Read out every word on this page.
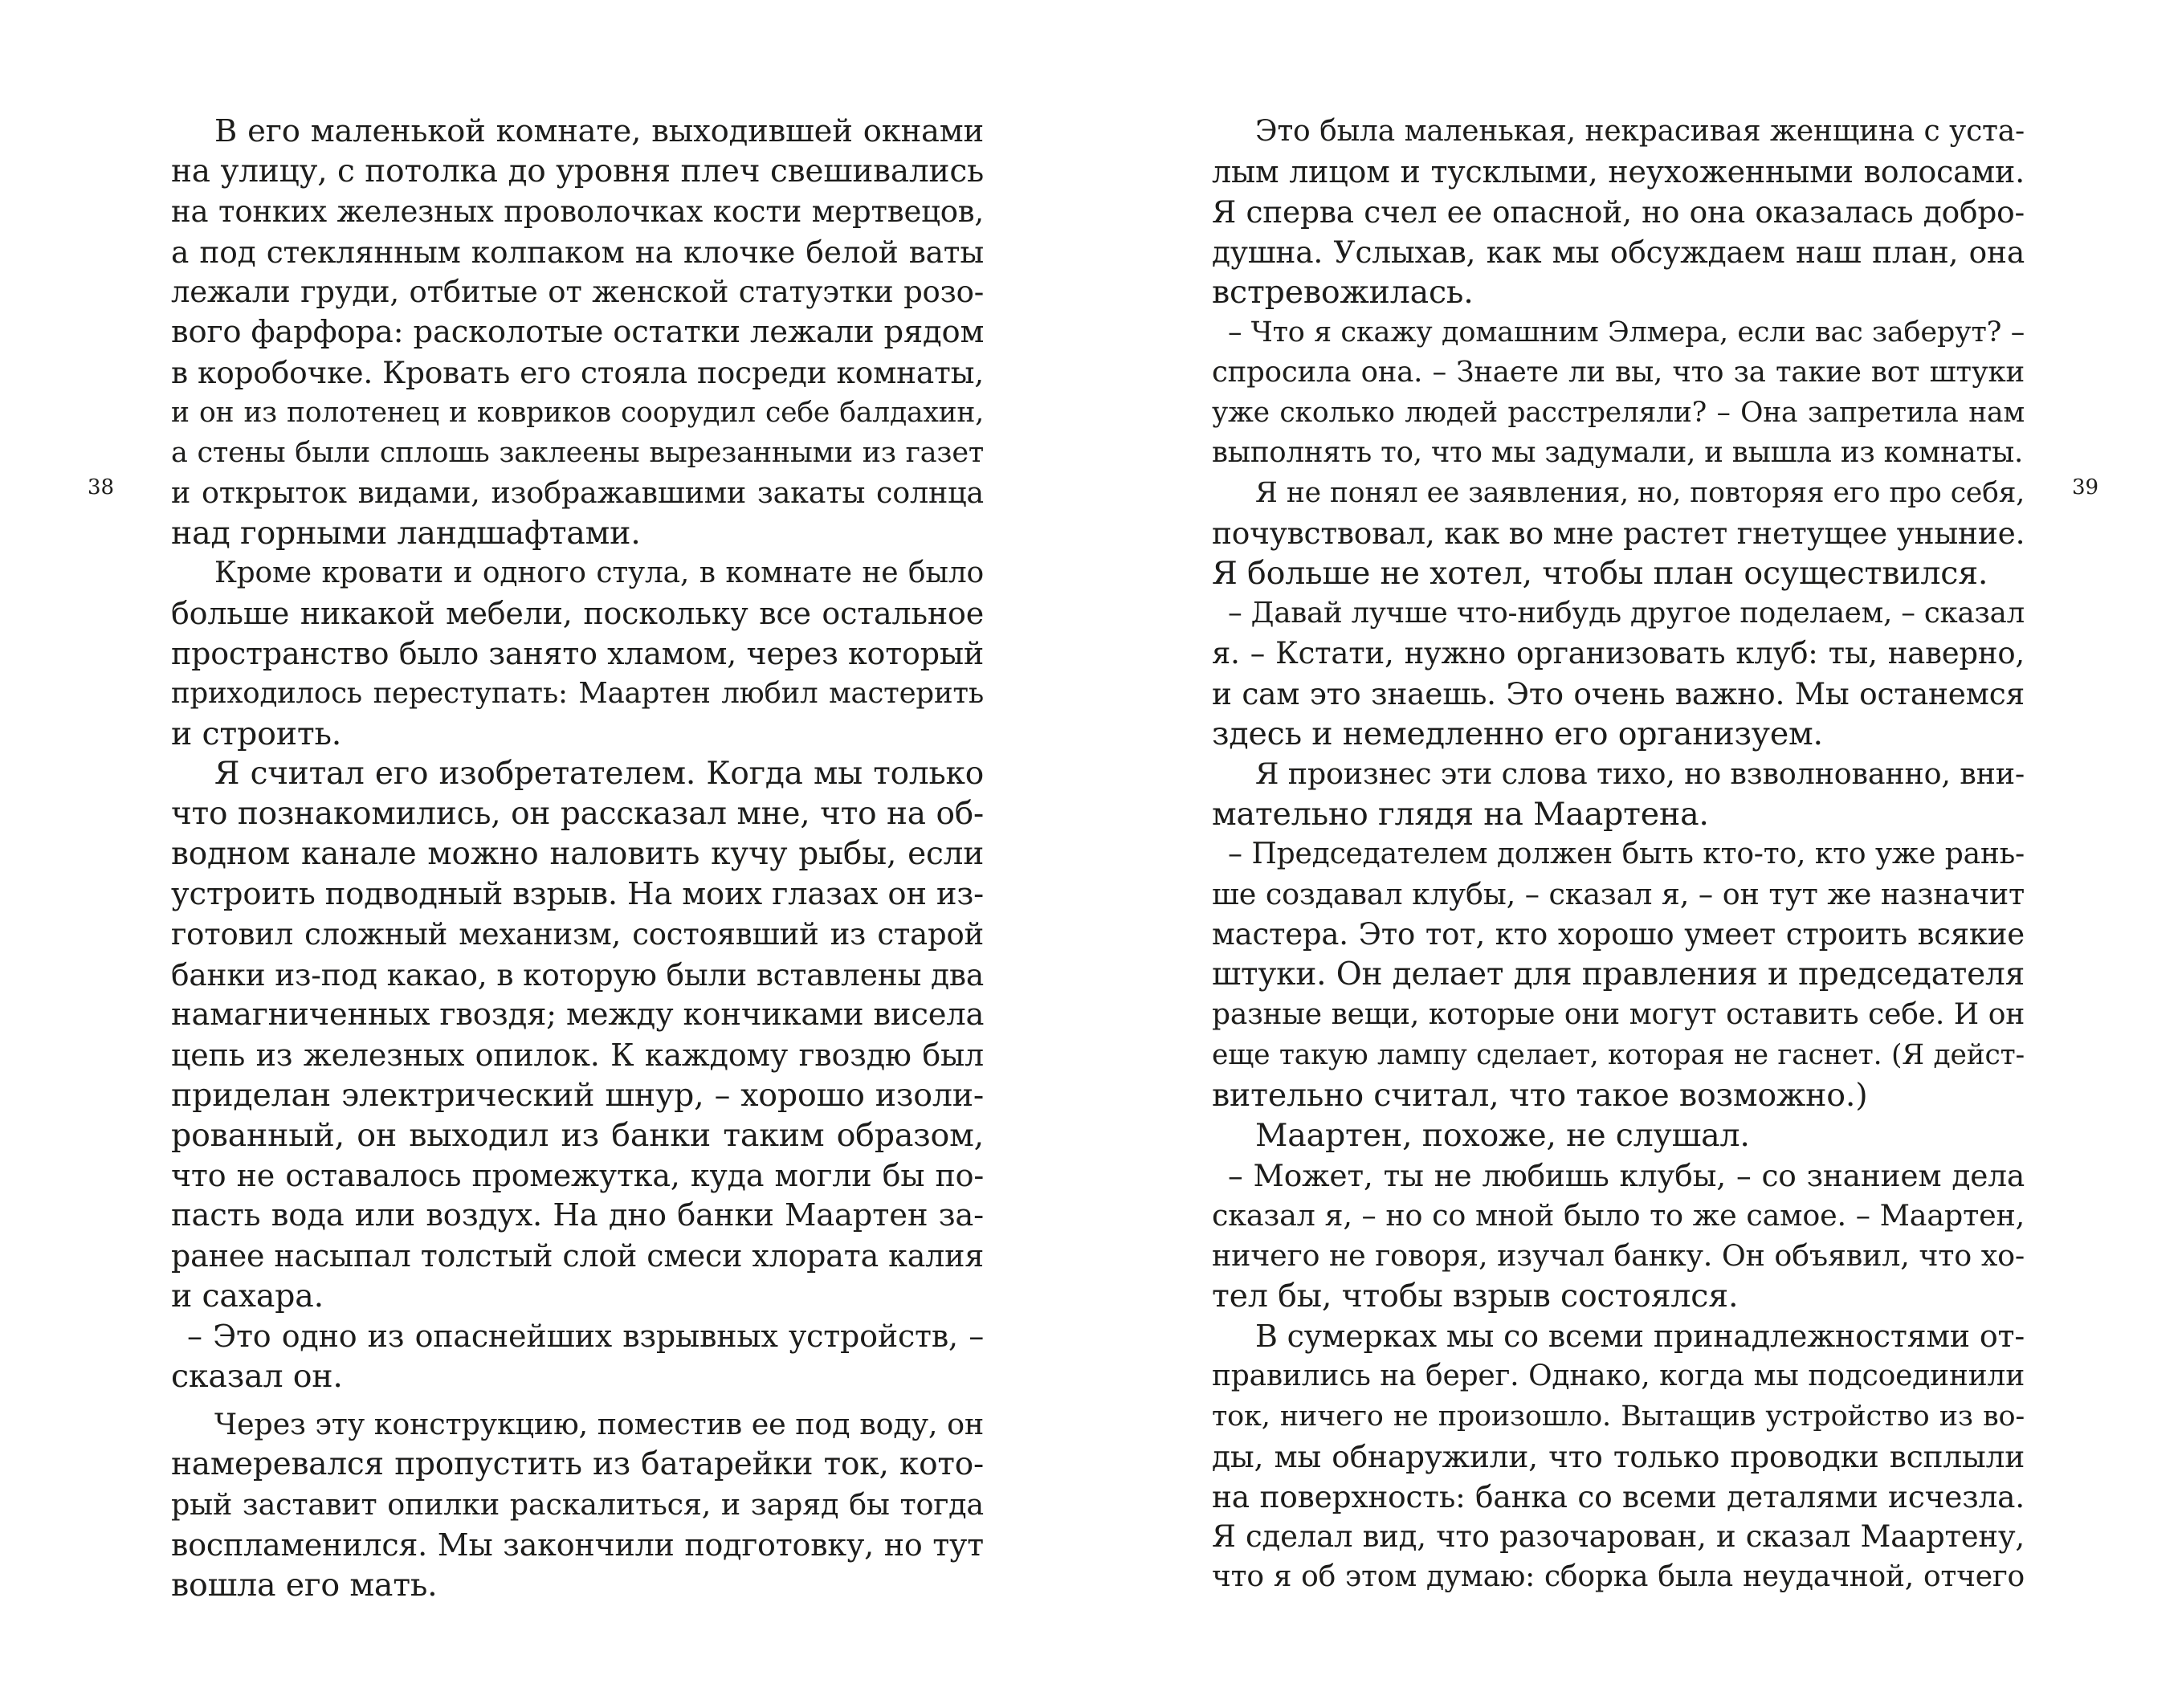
38
В его маленькой комнате, выходившей окнами
на улицу, с потолка до уровня плеч свешивались
на тонких железных проволочках кости мертвецов,
а под стеклянным колпаком на клочке белой ваты
лежали груди, отбитые от женской статуэтки розо-
вого фарфора: расколотые остатки лежали рядом
в коробочке. Кровать его стояла посреди комнаты,
и он из полотенец и ковриков соорудил себе балдахин,
а стены были сплошь заклеены вырезанными из газет
и открыток видами, изображавшими закаты солнца
над горными ландшафтами.
Кроме кровати и одного стула, в комнате не было
больше никакой мебели, поскольку все остальное
пространство было занято хламом, через который
приходилось переступать: Маартен любил мастерить
и строить.
Я считал его изобретателем. Когда мы только
что познакомились, он рассказал мне, что на об-
водном канале можно наловить кучу рыбы, если
устроить подводный взрыв. На моих глазах он из-
готовил сложный механизм, состоявший из старой
банки из-под какао, в которую были вставлены два
намагниченных гвоздя; между кончиками висела
цепь из железных опилок. К каждому гвоздю был
приделан электрический шнур, – хорошо изоли-
рованный, он выходил из банки таким образом,
что не оставалось промежутка, куда могли бы по-
пасть вода или воздух. На дно банки Маартен за-
ранее насыпал толстый слой смеси хлората калия
и сахара.
– Это одно из опаснейших взрывных устройств, –
сказал он.
Через эту конструкцию, поместив ее под воду, он
намеревался пропустить из батарейки ток, кото-
рый заставит опилки раскалиться, и заряд бы тогда
воспламенился. Мы закончили подготовку, но тут
вошла его мать.
Это была маленькая, некрасивая женщина с уста-
лым лицом и тусклыми, неухоженными волосами.
Я сперва счел ее опасной, но она оказалась добро-
душна. Услыхав, как мы обсуждаем наш план, она
встревожилась.
– Что я скажу домашним Элмера, если вас заберут? –
спросила она. – Знаете ли вы, что за такие вот штуки
уже сколько людей расстреляли? – Она запретила нам
выполнять то, что мы задумали, и вышла из комнаты.
Я не понял ее заявления, но, повторяя его про себя,
почувствовал, как во мне растет гнетущее уныние.
Я больше не хотел, чтобы план осуществился.
– Давай лучше что-нибудь другое поделаем, – сказал
я. – Кстати, нужно организовать клуб: ты, наверно,
и сам это знаешь. Это очень важно. Мы останемся
здесь и немедленно его организуем.
Я произнес эти слова тихо, но взволнованно, вни-
мательно глядя на Маартена.
– Председателем должен быть кто-то, кто уже рань-
ше создавал клубы, – сказал я, – он тут же назначит
мастера. Это тот, кто хорошо умеет строить всякие
штуки. Он делает для правления и председателя
разные вещи, которые они могут оставить себе. И он
еще такую лампу сделает, которая не гаснет. (Я дейст-
вительно считал, что такое возможно.)
Маартен, похоже, не слушал.
– Может, ты не любишь клубы, – со знанием дела
сказал я, – но со мной было то же самое. – Маартен,
ничего не говоря, изучал банку. Он объявил, что хо-
тел бы, чтобы взрыв состоялся.
В сумерках мы со всеми принадлежностями от-
правились на берег. Однако, когда мы подсоединили
ток, ничего не произошло. Вытащив устройство из во-
ды, мы обнаружили, что только проводки всплыли
на поверхность: банка со всеми деталями исчезла.
Я сделал вид, что разочарован, и сказал Маартену,
что я об этом думаю: сборка была неудачной, отчего
39
